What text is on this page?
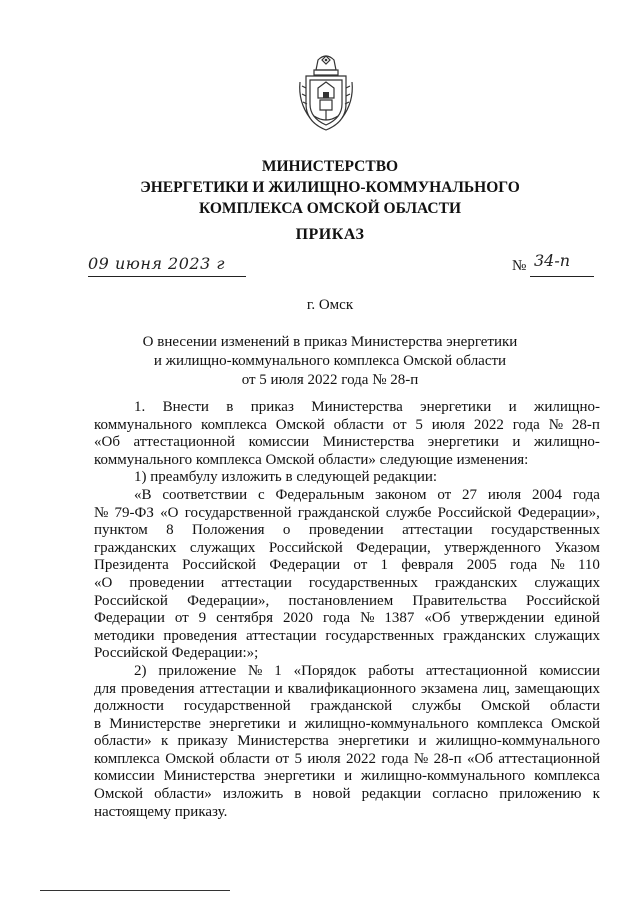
МИНИСТЕРСТВО
ЭНЕРГЕТИКИ И ЖИЛИЩНО-КОММУНАЛЬНОГО
КОМПЛЕКСА ОМСКОЙ ОБЛАСТИ
ПРИКАЗ
09 июня 2023 г	№ 34-п
г. Омск
О внесении изменений в приказ Министерства энергетики
и жилищно-коммунального комплекса Омской области
от 5 июля 2022 года № 28-п
1. Внести в приказ Министерства энергетики и жилищно-
коммунального комплекса Омской области от 5 июля 2022 года № 28-п
«Об аттестационной комиссии Министерства энергетики и жилищно-
коммунального комплекса Омской области» следующие изменения:
1) преамбулу изложить в следующей редакции:
«В соответствии с Федеральным законом от 27 июля 2004 года
№ 79-ФЗ «О государственной гражданской службе Российской Федерации»,
пунктом 8 Положения о проведении аттестации государственных
гражданских служащих Российской Федерации, утвержденного Указом
Президента Российской Федерации от 1 февраля 2005 года № 110
«О проведении аттестации государственных гражданских служащих
Российской Федерации», постановлением Правительства Российской
Федерации от 9 сентября 2020 года № 1387 «Об утверждении единой
методики проведения аттестации государственных гражданских служащих
Российской Федерации:»;
2) приложение № 1 «Порядок работы аттестационной комиссии
для проведения аттестации и квалификационного экзамена лиц, замещающих
должности государственной гражданской службы Омской области
в Министерстве энергетики и жилищно-коммунального комплекса Омской
области» к приказу Министерства энергетики и жилищно-коммунального
комплекса Омской области от 5 июля 2022 года № 28-п «Об аттестационной
комиссии Министерства энергетики и жилищно-коммунального комплекса
Омской области» изложить в новой редакции согласно приложению к
настоящему приказу.
